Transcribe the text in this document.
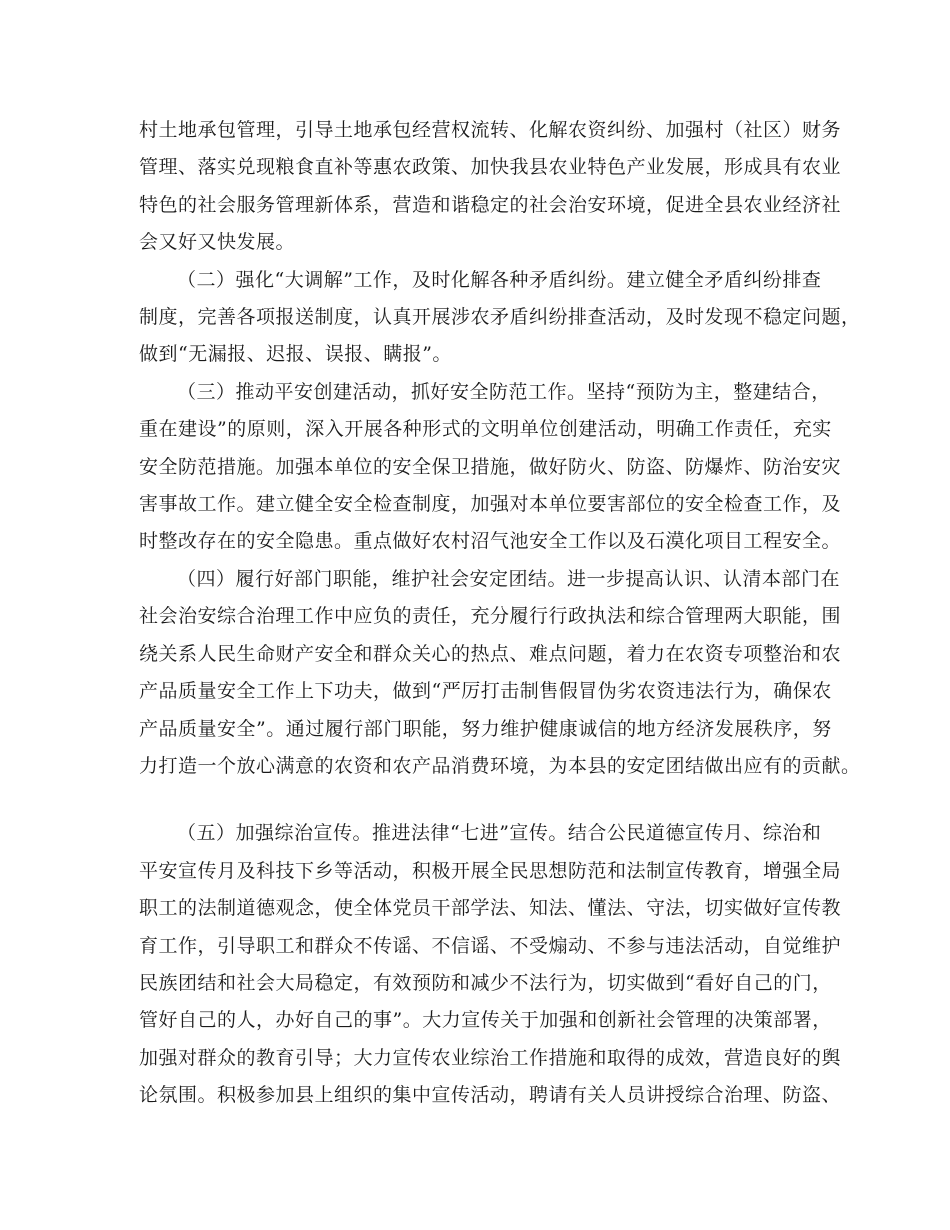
村土地承包管理，引导土地承包经营权流转、化解农资纠纷、加强村（社区）财务
管理、落实兑现粮食直补等惠农政策、加快我县农业特色产业发展，形成具有农业
特色的社会服务管理新体系，营造和谐稳定的社会治安环境，促进全县农业经济社
会又好又快发展。

（二）强化“大调解”工作，及时化解各种矛盾纠纷。建立健全矛盾纠纷排查
制度，完善各项报送制度，认真开展涉农矛盾纠纷排查活动，及时发现不稳定问题，
做到“无漏报、迟报、误报、瞒报”。

（三）推动平安创建活动，抓好安全防范工作。坚持“预防为主，整建结合，
重在建设”的原则，深入开展各种形式的文明单位创建活动，明确工作责任，充实
安全防范措施。加强本单位的安全保卫措施，做好防火、防盗、防爆炸、防治安灾
害事故工作。建立健全安全检查制度，加强对本单位要害部位的安全检查工作，及
时整改存在的安全隐患。重点做好农村沼气池安全工作以及石漠化项目工程安全。

（四）履行好部门职能，维护社会安定团结。进一步提高认识、认清本部门在
社会治安综合治理工作中应负的责任，充分履行行政执法和综合管理两大职能，围
绕关系人民生命财产安全和群众关心的热点、难点问题，着力在农资专项整治和农
产品质量安全工作上下功夫，做到“严厉打击制售假冒伪劣农资违法行为，确保农
产品质量安全”。通过履行部门职能，努力维护健康诚信的地方经济发展秩序，努
力打造一个放心满意的农资和农产品消费环境，为本县的安定团结做出应有的贡献。

（五）加强综治宣传。推进法律“七进”宣传。结合公民道德宣传月、综治和
平安宣传月及科技下乡等活动，积极开展全民思想防范和法制宣传教育，增强全局
职工的法制道德观念，使全体党员干部学法、知法、懂法、守法，切实做好宣传教
育工作，引导职工和群众不传谣、不信谣、不受煽动、不参与违法活动，自觉维护
民族团结和社会大局稳定，有效预防和减少不法行为，切实做到“看好自己的门，
管好自己的人，办好自己的事”。大力宣传关于加强和创新社会管理的决策部署，
加强对群众的教育引导；大力宣传农业综治工作措施和取得的成效，营造良好的舆
论氛围。积极参加县上组织的集中宣传活动，聘请有关人员讲授综合治理、防盗、
